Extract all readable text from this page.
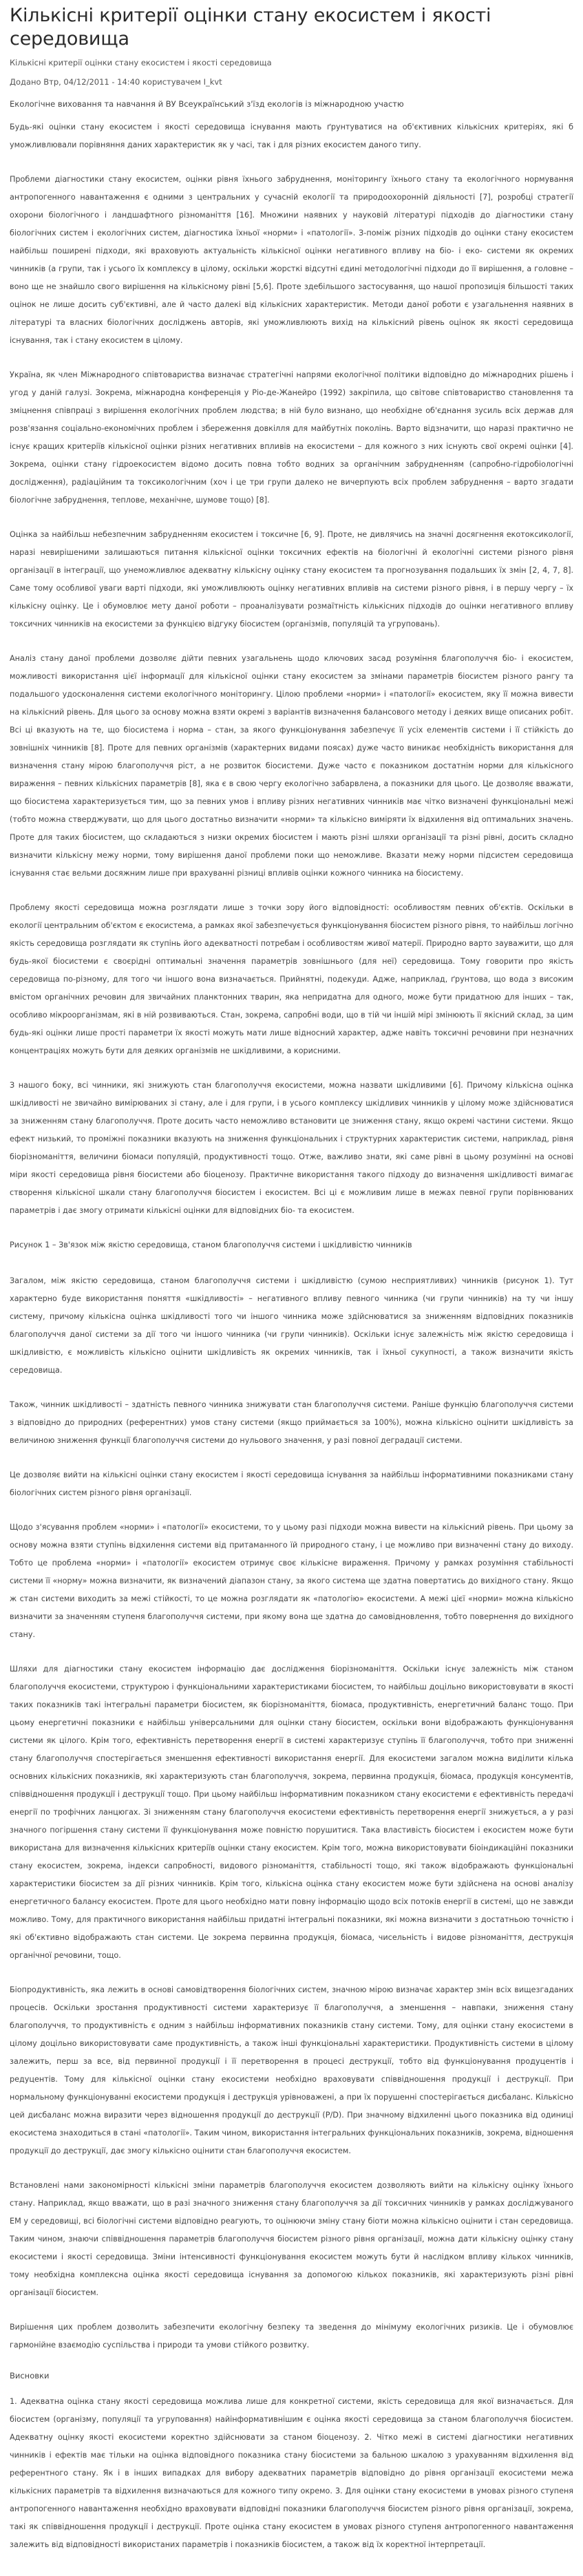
Кількісні критерії оцінки стану екосистем і якості середовища
Кількісні критерії оцінки стану екосистем і якості середовища
Додано Втр, 04/12/2011 - 14:40 користувачем I_kvt
Екологічне виховання та навчання й ВУ Всеукраїнський з'їзд екологів із міжнародною участю

Будь-які оцінки стану екосистем і якості середовища існування мають ґрунтуватися на об'єктивних кількісних критеріях, які б уможливлювали порівняння даних характеристик як у часі, так і для різних екосистем даного типу.

Проблеми діагностики стану екосистем, оцінки рівня їхнього забруднення, моніторингу їхнього стану та екологічного нормування антропогенного навантаження є одними з центральних у сучасній екології та природоохоронній діяльності [7], розробці стратегії охорони біологічного і ландшафтного різноманіття [16]. Множини наявних у науковій літературі підходів до діагностики стану біологічних систем і екологічних систем, діагностика їхньої «норми» і «патології». З-поміж різних підходів до оцінки стану екосистем найбільш поширені підходи, які враховують актуальність кількісної оцінки негативного впливу на біо- і еко- системи як окремих чинників (а групи, так і усього їх комплексу в цілому, оскільки жорсткі відсутні єдині методологічні підходи до її вирішення, а головне – воно ще не знайшло свого вирішення на кількісному рівні [5,6]. Проте здебільшого застосування, що нашої пропозиція більшості таких оцінок не лише досить суб'єктивні, але й часто далекі від кількісних характеристик. Методи даної роботи є узагальнення наявних в літературі та власних біологічних досліджень авторів, які уможливлюють вихід на кількісний рівень оцінок як якості середовища існування, так і стану екосистем в цілому.

Україна, як член Міжнародного співтовариства визначає стратегічні напрями екологічної політики відповідно до міжнародних рішень і угод у даній галузі. Зокрема, міжнародна конференція у Ріо-де-Жанейро (1992) закріпила, що світове співтовариство становлення та зміцнення співпраці з вирішення екологічних проблем людства; в ній було визнано, що необхідне об'єднання зусиль всіх держав для розв'язання соціально-економічних проблем і збереження довкілля для майбутніх поколінь. Варто відзначити, що наразі практично не існує кращих критеріїв кількісної оцінки різних негативних впливів на екосистеми – для кожного з них існують свої окремі оцінки [4]. Зокрема, оцінки стану гідроекосистем відомо досить повна тобто водних за органічним забрудненням (сапробно-гідробіологічні дослідження), радіаційним та токсикологічним (хоч і це три групи далеко не вичерпують всіх проблем забруднення – варто згадати біологічне забруднення, теплове, механічне, шумове тощо) [8].

Оцінка за найбільш небезпечним забрудненням екосистем і токсичне [6, 9]. Проте, не дивлячись на значні досягнення екотоксикології, наразі невирішеними залишаються питання кількісної оцінки токсичних ефектів на біологічні й екологічні системи різного рівня організації в інтеграції, що унеможливлює адекватну кількісну оцінку стану екосистем та прогнозування подальших їх змін [2, 4, 7, 8]. Саме тому особливої уваги варті підходи, які уможливлюють оцінку негативних впливів на системи різного рівня, і в першу чергу – їх кількісну оцінку. Це і обумовлює мету даної роботи – проаналізувати розмаїтність кількісних підходів до оцінки негативного впливу токсичних чинників на екосистеми за функцією відгуку біосистем (організмів, популяцій та угруповань).

Аналіз стану даної проблеми дозволяє дійти певних узагальнень щодо ключових засад розуміння благополуччя біо- і екосистем, можливості використання цієї інформації для кількісної оцінки стану екосистем за змінами параметрів біосистем різного рангу та подальшого удосконалення системи екологічного моніторингу. Цілою проблеми «норми» і «патології» екосистем, яку її можна вивести на кількісний рівень. Для цього за основу можна взяти окремі з варіантів визначення балансового методу і деяких вище описаних робіт. Всі ці вказують на те, що біосистема і норма – стан, за якого функціонування забезпечує її усіх елементів системи і її стійкість до зовнішніх чинників [8]. Проте для певних організмів (характерних видами поясах) дуже часто виникає необхідність використання для визначення стану мірою благополуччя ріст, а не розвиток біосистеми. Дуже часто є показником достатнім норми для кількісного вираження – певних кількісних параметрів [8], яка є в свою чергу екологічно забарвлена, а показники для цього. Це дозволяє вважати, що біосистема характеризується тим, що за певних умов і впливу різних негативних чинників має чітко визначені функціональні межі (тобто можна стверджувати, що для цього достатньо визначити «норми» та кількісно виміряти їх відхилення від оптимальних значень. Проте для таких біосистем, що складаються з низки окремих біосистем і мають різні шляхи організації та різні рівні, досить складно визначити кількісну межу норми, тому вирішення даної проблеми поки що неможливе. Вказати межу норми підсистем середовища існування стає вельми досяжним лише при врахуванні різниці впливів оцінки кожного чинника на біосистему.

Проблему якості середовища можна розглядати лише з точки зору його відповідності: особливостям певних об'єктів. Оскільки в екології центральним об'єктом є екосистема, а рамках якої забезпечується функціонування біосистем різного рівня, то найбільш логічно якість середовища розглядати як ступінь його адекватності потребам і особливостям живої матерії. Природно варто зауважити, що для будь-якої біосистеми є своєрідні оптимальні значення параметрів зовнішнього (для неї) середовища. Тому говорити про якість середовища по-різному, для того чи іншого вона визначається. Прийнятні, подекуди. Адже, наприклад, ґрунтова, що вода з високим вмістом органічних речовин для звичайних планктонних тварин, яка непридатна для одного, може бути придатною для інших – так, особливо мікроорганізмам, які в ній розвиваються. Стан, зокрема, сапробні води, що в тій чи іншій мірі змінюють її якісний склад, за цим будь-які оцінки лише прості параметри їх якості можуть мати лише відносний характер, адже навіть токсичні речовини при незначних концентраціях можуть бути для деяких організмів не шкідливими, а корисними.

З нашого боку, всі чинники, які знижують стан благополуччя екосистеми, можна назвати шкідливими [6]. Причому кількісна оцінка шкідливості не звичайно вимірюваних зі стану, але і для групи, і в усього комплексу шкідливих чинників у цілому може здійснюватися за зниженням стану благополуччя. Проте досить часто неможливо встановити це зниження стану, якщо окремі частини системи. Якщо ефект низький, то проміжні показники вказують на зниження функціональних і структурних характеристик системи, наприклад, рівня біорізноманіття, величини біомаси популяцій, продуктивності тощо. Отже, важливо знати, які саме рівні в цьому розумінні на основі міри якості середовища рівня біосистеми або біоценозу. Практичне використання такого підходу до визначення шкідливості вимагає створення кількісної шкали стану благополуччя біосистем і екосистем. Всі ці є можливим лише в межах певної групи порівнюваних параметрів і дає змогу отримати кількісні оцінки для відповідних біо- та екосистем.

Рисунок 1 – Зв'язок між якістю середовища, станом благополуччя системи і шкідливістю чинників

Загалом, між якістю середовища, станом благополуччя системи і шкідливістю (сумою несприятливих) чинників (рисунок 1). Тут характерно буде використання поняття «шкідливості» – негативного впливу певного чинника (чи групи чинників) на ту чи іншу систему, причому кількісна оцінка шкідливості того чи іншого чинника може здійснюватися за зниженням відповідних показників благополуччя даної системи за дії того чи іншого чинника (чи групи чинників). Оскільки існує залежність між якістю середовища і шкідливістю, є можливість кількісно оцінити шкідливість як окремих чинників, так і їхньої сукупності, а також визначити якість середовища.

Також, чинник шкідливості – здатність певного чинника знижувати стан благополуччя системи. Раніше функцію благополуччя системи з відповідно до природних (референтних) умов стану системи (якщо приймається за 100%), можна кількісно оцінити шкідливість за величиною зниження функції благополуччя системи до нульового значення, у разі повної деградації системи.

Це дозволяє вийти на кількісні оцінки стану екосистем і якості середовища існування за найбільш інформативними показниками стану біологічних систем різного рівня організації.

Щодо з'ясування проблем «норми» і «патології» екосистеми, то у цьому разі підходи можна вивести на кількісний рівень. При цьому за основу можна взяти ступінь відхилення системи від притаманного їй природного стану, і це можливо при визначенні стану до виходу. Тобто це проблема «норми» і «патології» екосистем отримує своє кількісне вираження. Причому у рамках розуміння стабільності системи її «норму» можна визначити, як визначений діапазон стану, за якого система ще здатна повертатись до вихідного стану. Якщо ж стан системи виходить за межі стійкості, то це можна розглядати як «патологію» екосистеми. А межі цієї «норми» можна кількісно визначити за значенням ступеня благополуччя системи, при якому вона ще здатна до самовідновлення, тобто повернення до вихідного стану.

Шляхи для діагностики стану екосистем інформацію дає дослідження біорізноманіття. Оскільки існує залежність між станом благополуччя екосистеми, структурою і функціональними характеристиками біосистем, то найбільш доцільно використовувати в якості таких показників такі інтегральні параметри біосистем, як біорізноманіття, біомаса, продуктивність, енергетичний баланс тощо. При цьому енергетичні показники є найбільш універсальними для оцінки стану біосистем, оскільки вони відображають функціонування системи як цілого. Крім того, ефективність перетворення енергії в системі характеризує ступінь її благополуччя, тобто при зниженні стану благополуччя спостерігається зменшення ефективності використання енергії. Для екосистеми загалом можна виділити кілька основних кількісних показників, які характеризують стан благополуччя, зокрема, первинна продукція, біомаса, продукція консументів, співвідношення продукції і деструкції тощо. При цьому найбільш інформативним показником стану екосистеми є ефективність передачі енергії по трофічних ланцюгах. Зі зниженням стану благополуччя екосистеми ефективність перетворення енергії знижується, а у разі значного погіршення стану системи її функціонування може повністю порушитися. Така властивість біосистем і екосистем може бути використана для визначення кількісних критеріїв оцінки стану екосистем. Крім того, можна використовувати біоіндикаційні показники стану екосистем, зокрема, індекси сапробності, видового різноманіття, стабільності тощо, які також відображають функціональні характеристики біосистем за дії різних чинників. Крім того, кількісна оцінка стану екосистем може бути здійснена на основі аналізу енергетичного балансу екосистем. Проте для цього необхідно мати повну інформацію щодо всіх потоків енергії в системі, що не завжди можливо. Тому, для практичного використання найбільш придатні інтегральні показники, які можна визначити з достатньою точністю і які об'єктивно відображають стан системи. Це зокрема первинна продукція, біомаса, чисельність і видове різноманіття, деструкція органічної речовини, тощо.

Біопродуктивність, яка лежить в основі самовідтворення біологічних систем, значною мірою визначає характер змін всіх вищезгаданих процесів. Оскільки зростання продуктивності системи характеризує її благополуччя, а зменшення – навпаки, зниження стану благополуччя, то продуктивність є одним з найбільш інформативних показників стану системи. Тому, для оцінки стану екосистеми в цілому доцільно використовувати саме продуктивність, а також інші функціональні характеристики. Продуктивність системи в цілому залежить, перш за все, від первинної продукції і її перетворення в процесі деструкції, тобто від функціонування продуцентів і редуцентів. Тому для кількісної оцінки стану екосистеми необхідно враховувати співвідношення продукції і деструкції. При нормальному функціонуванні екосистеми продукція і деструкція урівноважені, а при їх порушенні спостерігається дисбаланс. Кількісно цей дисбаланс можна виразити через відношення продукції до деструкції (P/D). При значному відхиленні цього показника від одиниці екосистема знаходиться в стані «патології». Таким чином, використання інтегральних функціональних показників, зокрема, відношення продукції до деструкції, дає змогу кількісно оцінити стан благополуччя екосистем.

Встановлені нами закономірності кількісні зміни параметрів благополуччя екосистем дозволяють вийти на кількісну оцінку їхнього стану. Наприклад, якщо вважати, що в разі значного зниження стану благополуччя за дії токсичних чинників у рамках досліджуваного ЕМ у середовищі, всі біологічні системи відповідно реагують, то оцінюючи зміну стану біоти можна кількісно оцінити і стан середовища. Таким чином, знаючи співвідношення параметрів благополуччя біосистем різного рівня організації, можна дати кількісну оцінку стану екосистеми і якості середовища. Зміни інтенсивності функціонування екосистем можуть бути й наслідком впливу кількох чинників, тому необхідна комплексна оцінка якості середовища існування за допомогою кількох показників, які характеризують різні рівні організації біосистем.

Вирішення цих проблем дозволить забезпечити екологічну безпеку та зведення до мінімуму екологічних ризиків. Це і обумовлює гармонійне взаємодію суспільства і природи та умови стійкого розвитку.

Висновки

1. Адекватна оцінка стану якості середовища можлива лише для конкретної системи, якість середовища для якої визначається. Для біосистем (організму, популяції та угруповання) найінформативнішим є оцінка якості середовища за станом благополуччя біосистем. Адекватну оцінку якості екосистеми коректно здійснювати за станом біоценозу. 2. Чітко межі в системі діагностики негативних чинників і ефектів має тільки на оцінка відповідного показника стану біосистеми за бальною шкалою з урахуванням відхилення від референтного стану. Як і в інших випадках для вибору адекватних параметрів відповідно до рівня організації екосистеми межа кількісних параметрів та відхилення визначаються для кожного типу окремо. 3. Для оцінки стану екосистеми в умовах різного ступеня антропогенного навантаження необхідно враховувати відповідні показники благополуччя біосистем різного рівня організації, зокрема, такі як співвідношення продукції і деструкції. Проте оцінка стану екосистем в умовах різного ступеня антропогенного навантаження залежить від відповідності використаних параметрів і показників біосистем, а також від їх коректної інтерпретації.
